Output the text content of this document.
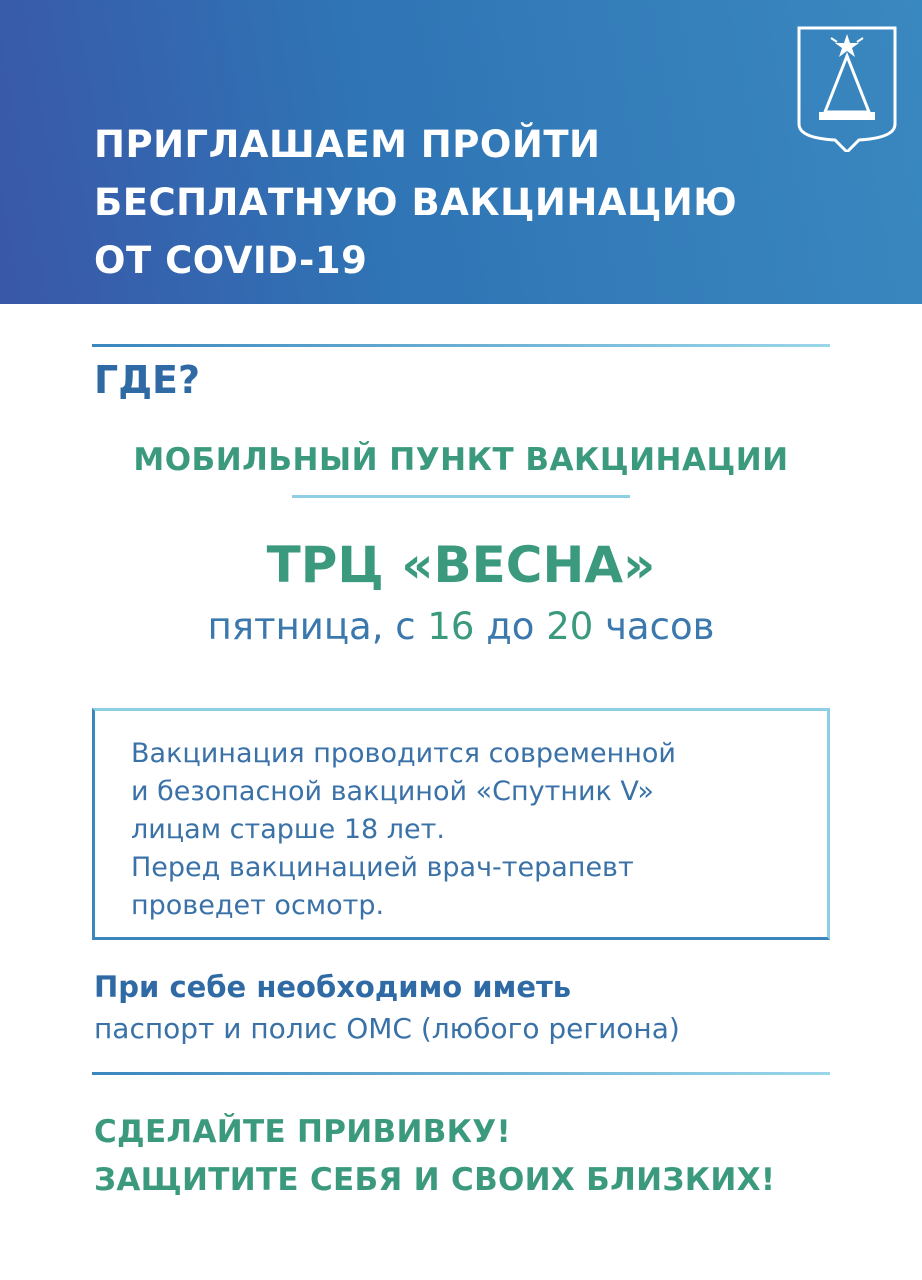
ПРИГЛАШАЕМ ПРОЙТИ
БЕСПЛАТНУЮ ВАКЦИНАЦИЮ
ОТ COVID-19
ГДЕ?
МОБИЛЬНЫЙ ПУНКТ ВАКЦИНАЦИИ
ТРЦ «ВЕСНА»
пятница, с 16 до 20 часов
Вакцинация проводится современной
и безопасной вакциной «Спутник V»
лицам старше 18 лет.
Перед вакцинацией врач-терапевт
проведет осмотр.
При себе необходимо иметь
паспорт и полис ОМС (любого региона)
СДЕЛАЙТЕ ПРИВИВКУ!
ЗАЩИТИТЕ СЕБЯ И СВОИХ БЛИЗКИХ!
